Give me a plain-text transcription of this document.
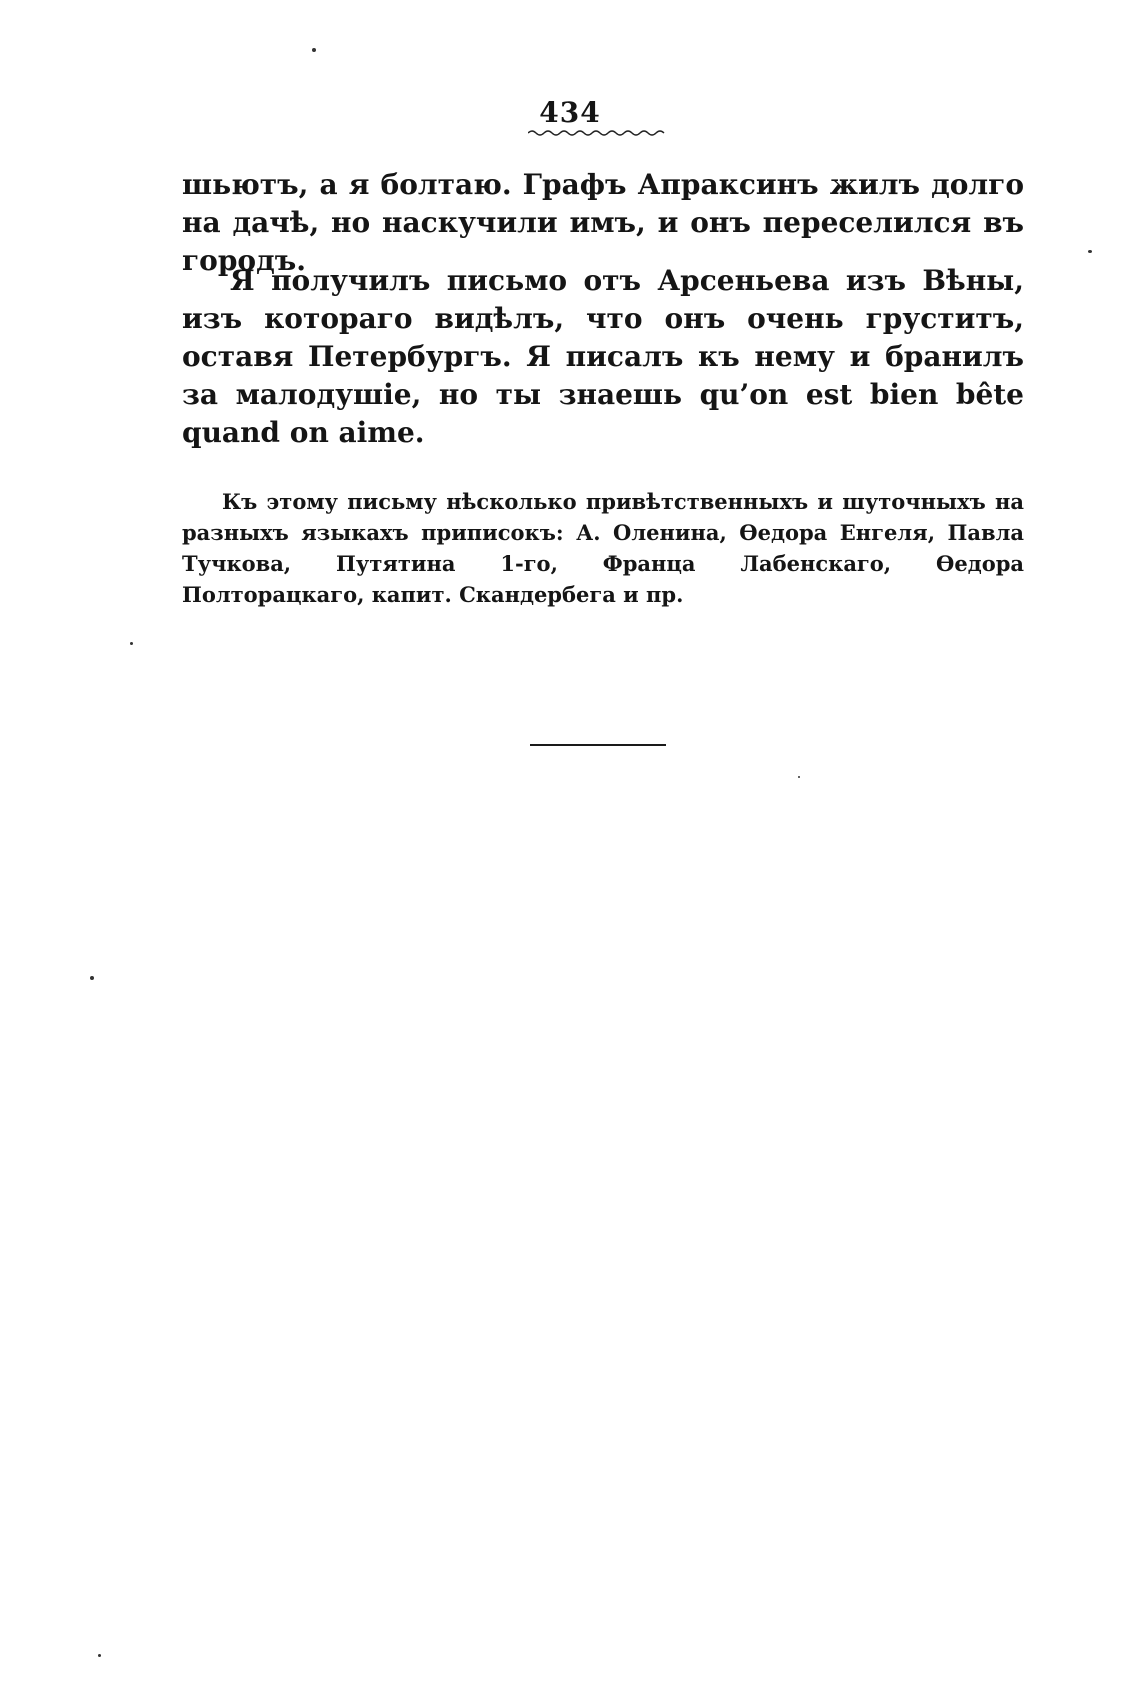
434

шьютъ, а я болтаю. Графъ Апраксинъ жилъ долго на дачѣ, но наскучили имъ, и онъ переселился въ городъ.

Я получилъ письмо отъ Арсеньева изъ Вѣны, изъ котораго видѣлъ, что онъ очень груститъ, оставя Петербургъ. Я писалъ къ нему и бранилъ за малодушіе, но ты знаешь qu’on est bien bête quand on aime.

Къ этому письму нѣсколько привѣтственныхъ и шуточныхъ на разныхъ языкахъ приписокъ: А. Оленина, Өедора Енгеля, Павла Тучкова, Путятина 1-го, Франца Лабенскаго, Өедора Полторацкаго, капит. Скандербега и пр.
